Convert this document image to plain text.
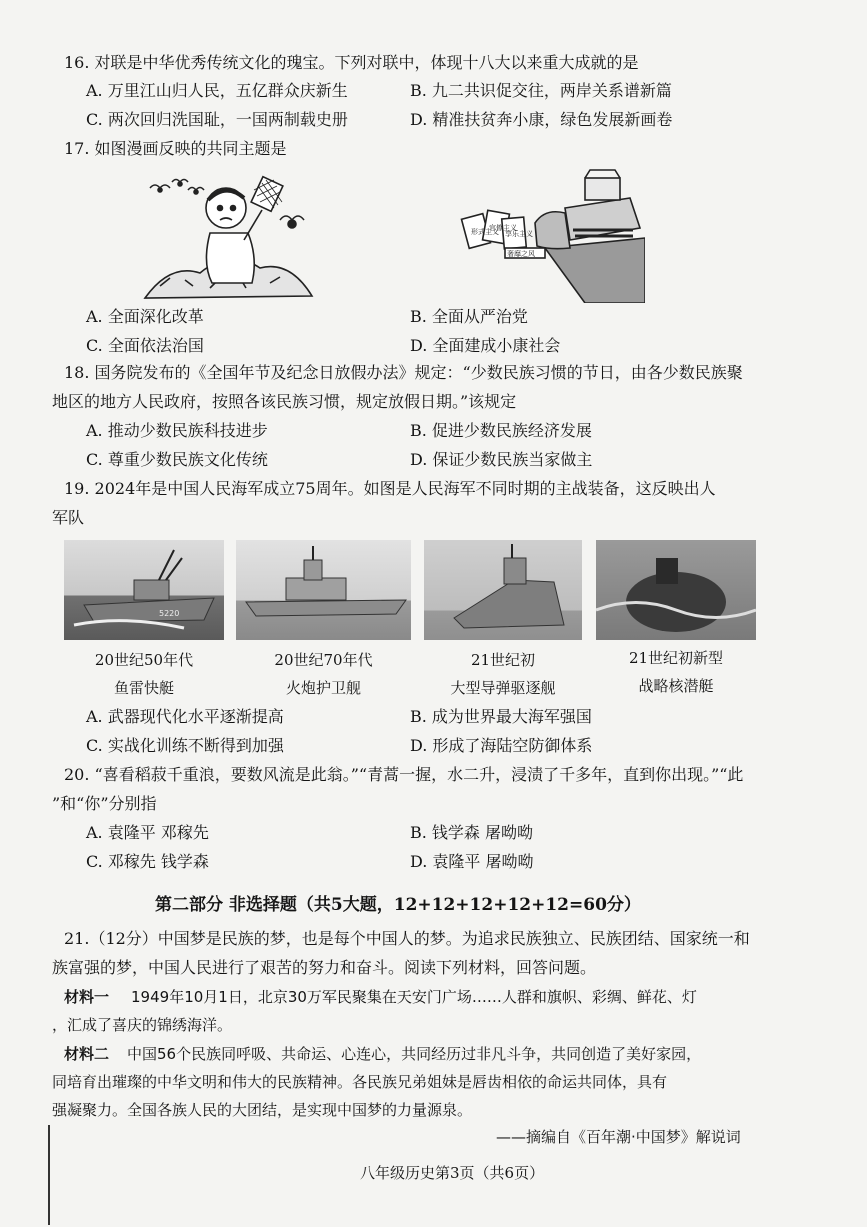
16. 对联是中华优秀传统文化的瑰宝。下列对联中，体现十八大以来重大成就的是
A. 万里江山归人民，五亿群众庆新生	B. 九二共识促交往，两岸关系谱新篇
C. 两次回归洗国耻，一国两制载史册	D. 精准扶贫奔小康，绿色发展新画卷
17. 如图漫画反映的共同主题是
形式主义
官僚主义
享乐主义
奢靡之风
A. 全面深化改革	B. 全面从严治党
C. 全面依法治国	D. 全面建成小康社会
18. 国务院发布的《全国年节及纪念日放假办法》规定：“少数民族习惯的节日，由各少数民族聚
地区的地方人民政府，按照各该民族习惯，规定放假日期。”该规定
A. 推动少数民族科技进步	B. 促进少数民族经济发展
C. 尊重少数民族文化传统	D. 保证少数民族当家做主
19. 2024年是中国人民海军成立75周年。如图是人民海军不同时期的主战装备，这反映出人
军队
5220
20世纪50年代
鱼雷快艇
20世纪70年代
火炮护卫舰
21世纪初
大型导弹驱逐舰
21世纪初新型
战略核潜艇
A. 武器现代化水平逐渐提高	B. 成为世界最大海军强国
C. 实战化训练不断得到加强	D. 形成了海陆空防御体系
20. “喜看稻菽千重浪，要数风流是此翁。”“青蒿一握，水二升，浸渍了千多年，直到你出现。”“此
”和“你”分别指
A. 袁隆平 邓稼先	B. 钱学森 屠呦呦
C. 邓稼先 钱学森	D. 袁隆平 屠呦呦
第二部分 非选择题（共5大题，12+12+12+12+12=60分）
21.（12分）中国梦是民族的梦，也是每个中国人的梦。为追求民族独立、民族团结、国家统一和
族富强的梦，中国人民进行了艰苦的努力和奋斗。阅读下列材料，回答问题。
材料一 1949年10月1日，北京30万军民聚集在天安门广场……人群和旗帜、彩绸、鲜花、灯
，汇成了喜庆的锦绣海洋。
材料二 中国56个民族同呼吸、共命运、心连心，共同经历过非凡斗争，共同创造了美好家园，
同培育出璀璨的中华文明和伟大的民族精神。各民族兄弟姐妹是唇齿相依的命运共同体，具有
强凝聚力。全国各族人民的大团结，是实现中国梦的力量源泉。
——摘编自《百年潮·中国梦》解说词
八年级历史第3页（共6页）
